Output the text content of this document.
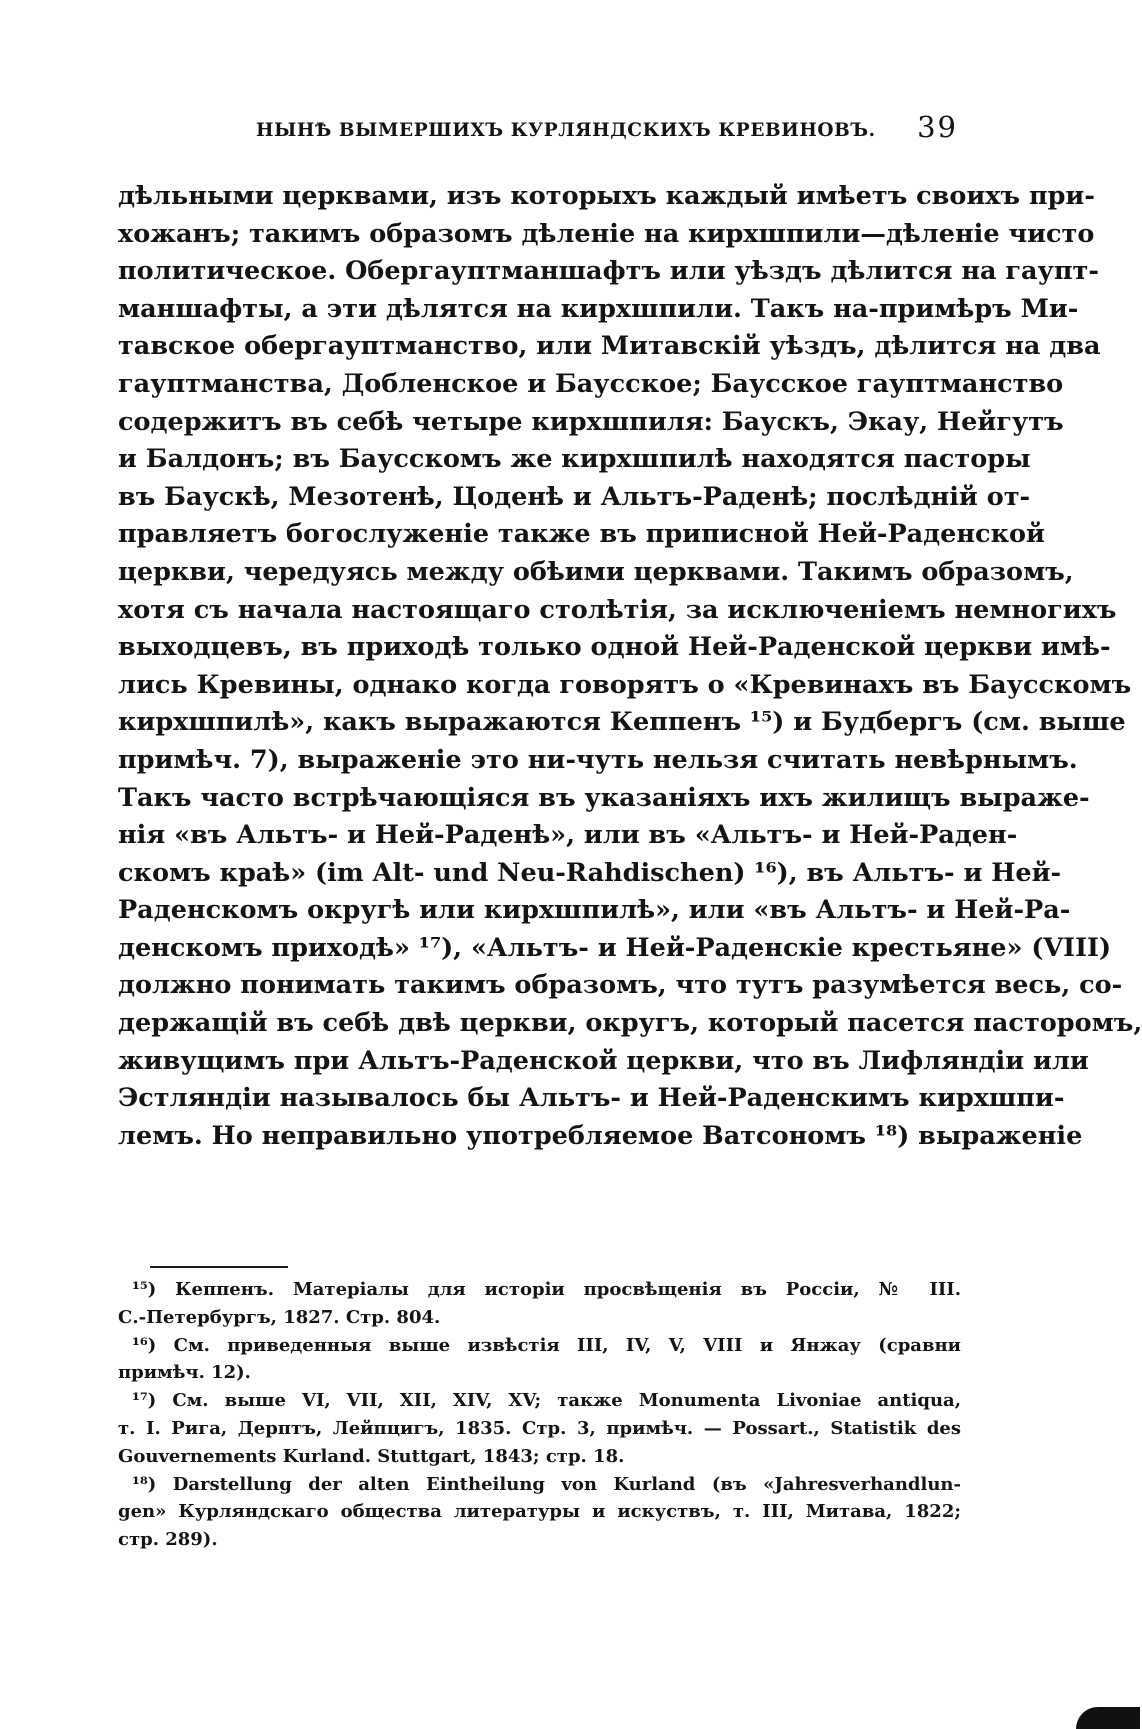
НЫНѢ ВЫМЕРШИХЪ КУРЛЯНДСКИХЪ КРЕВИНОВЪ. 39
дѣльными церквами, изъ которыхъ каждый имѣетъ своихъ при-
хожанъ; такимъ образомъ дѣленіе на кирхшпили—дѣленіе чисто
политическое. Обергауптманшафтъ или уѣздъ дѣлится на гаупт-
маншафты, а эти дѣлятся на кирхшпили. Такъ на-примѣръ Ми-
тавское обергауптманство, или Митавскій уѣздъ, дѣлится на два
гауптманства, Добленское и Баусское; Баусское гауптманство
содержитъ въ себѣ четыре кирхшпиля: Баускъ, Экау, Нейгутъ
и Балдонъ; въ Баусскомъ же кирхшпилѣ находятся пасторы
въ Баускѣ, Мезотенѣ, Цоденѣ и Альтъ-Раденѣ; послѣдній от-
правляетъ богослуженіе также въ приписной Ней-Раденской
церкви, чередуясь между обѣими церквами. Такимъ образомъ,
хотя съ начала настоящаго столѣтія, за исключеніемъ немногихъ
выходцевъ, въ приходѣ только одной Ней-Раденской церкви имѣ-
лись Кревины, однако когда говорятъ о «Кревинахъ въ Баусскомъ
кирхшпилѣ», какъ выражаются Кеппенъ ¹⁵) и Будбергъ (см. выше
примѣч. 7), выраженіе это ни-чуть нельзя считать невѣрнымъ.
Такъ часто встрѣчающіяся въ указаніяхъ ихъ жилищъ выраже-
нія «въ Альтъ- и Ней-Раденѣ», или въ «Альтъ- и Ней-Раден-
скомъ краѣ» (im Alt- und Neu-Rahdischen) ¹⁶), въ Альтъ- и Ней-
Раденскомъ округѣ или кирхшпилѣ», или «въ Альтъ- и Ней-Ра-
денскомъ приходѣ» ¹⁷), «Альтъ- и Ней-Раденскіе крестьяне» (VIII)
должно понимать такимъ образомъ, что тутъ разумѣется весь, со-
держащій въ себѣ двѣ церкви, округъ, который пасется пасторомъ,
живущимъ при Альтъ-Раденской церкви, что въ Лифляндіи или
Эстляндіи называлось бы Альтъ- и Ней-Раденскимъ кирхшпи-
лемъ. Но неправильно употребляемое Ватсономъ ¹⁸) выраженіе
¹⁵) Кеппенъ. Матеріалы для исторіи просвѣщенія въ Россіи, № III.
С.-Петербургъ, 1827. Стр. 804.
¹⁶) См. приведенныя выше извѣстія III, IV, V, VIII и Янжау (сравни
примѣч. 12).
¹⁷) См. выше VI, VII, XII, XIV, XV; также Monumenta Livoniae antiqua,
т. I. Рига, Дерптъ, Лейпцигъ, 1835. Стр. 3, примѣч. — Possart., Statistik des
Gouvernements Kurland. Stuttgart, 1843; стр. 18.
¹⁸) Darstellung der alten Eintheilung von Kurland (въ «Jahresverhandlun-
gen» Курляндскаго общества литературы и искуствъ, т. III, Митава, 1822;
стр. 289).
